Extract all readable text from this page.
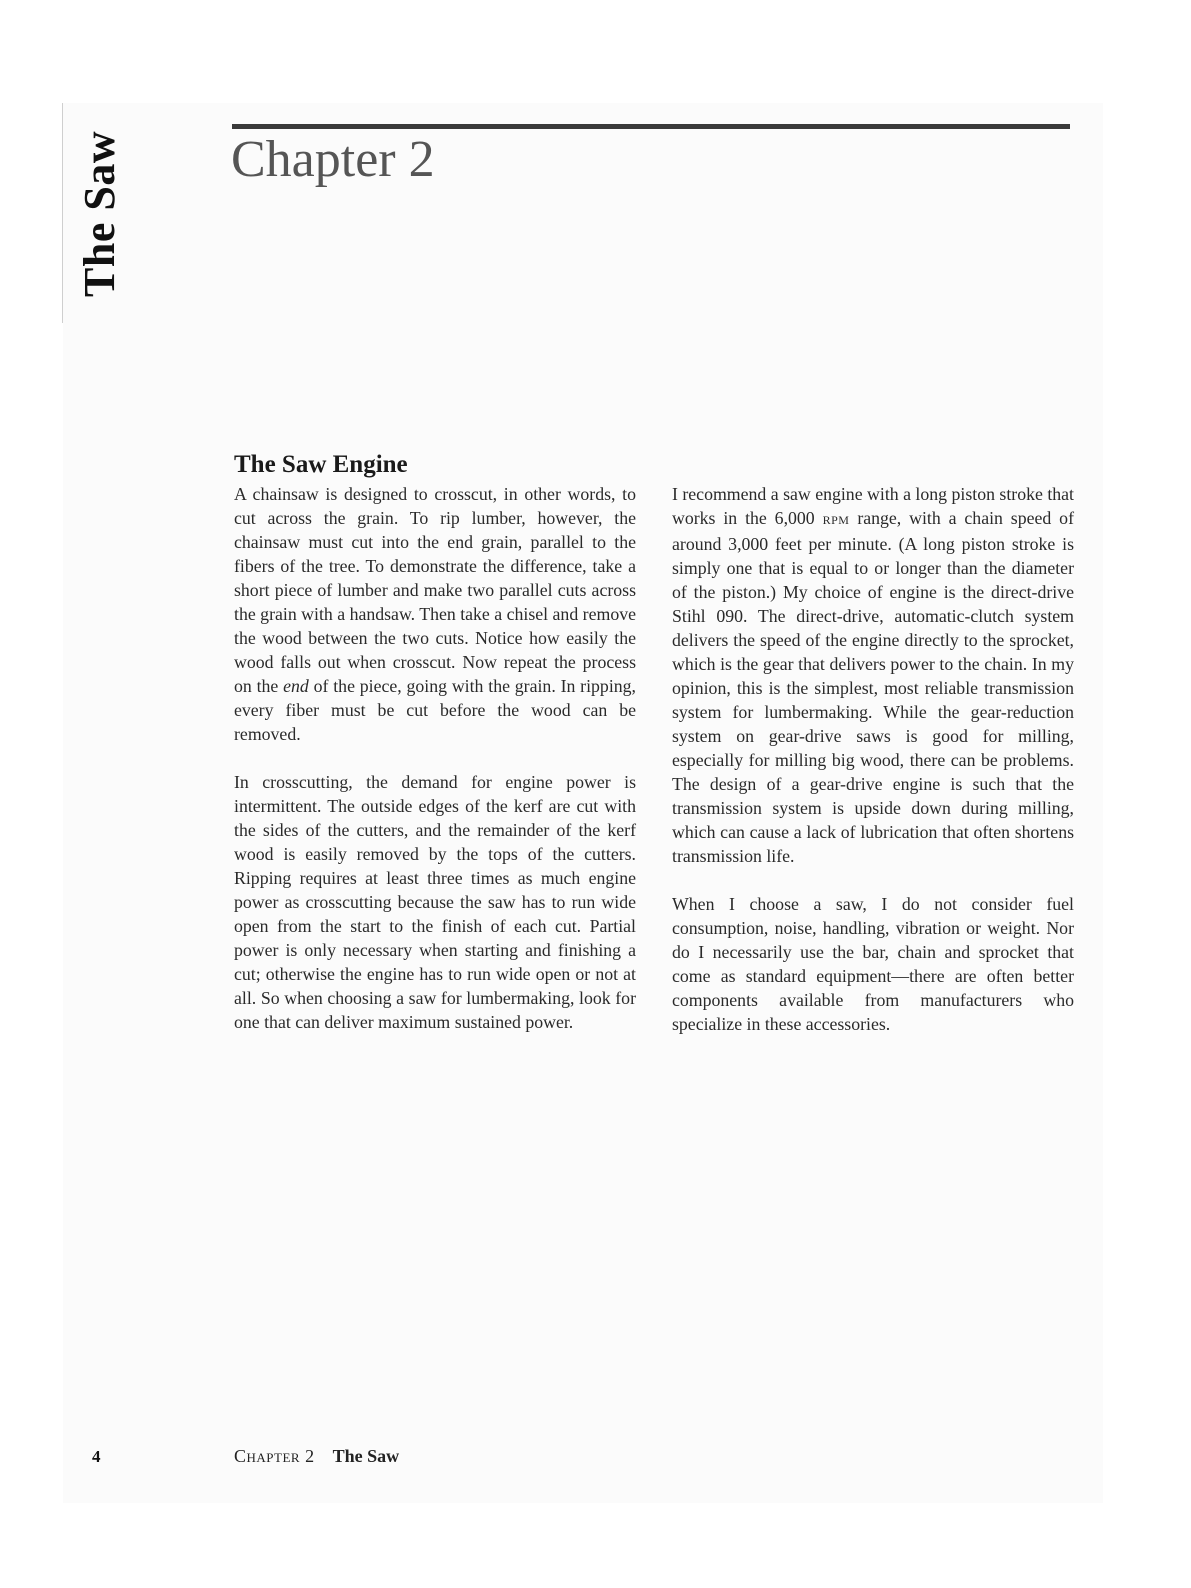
The Saw Chapter 2
The Saw Engine

A chainsaw is designed to crosscut, in other words, to cut across the grain. To rip lumber, however, the chainsaw must cut into the end grain, parallel to the fibers of the tree. To demonstrate the difference, take a short piece of lumber and make two parallel cuts across the grain with a handsaw. Then take a chisel and remove the wood between the two cuts. Notice how easily the wood falls out when crosscut. Now repeat the process on the end of the piece, going with the grain. In ripping, every fiber must be cut before the wood can be removed.

In crosscutting, the demand for engine power is intermittent. The outside edges of the kerf are cut with the sides of the cutters, and the remainder of the kerf wood is easily removed by the tops of the cutters. Ripping requires at least three times as much engine power as crosscutting because the saw has to run wide open from the start to the finish of each cut. Partial power is only necessary when starting and finishing a cut; otherwise the engine has to run wide open or not at all. So when choosing a saw for lumbermaking, look for one that can deliver maximum sustained power.

I recommend a saw engine with a long piston stroke that works in the 6,000 RPM range, with a chain speed of around 3,000 feet per minute. (A long piston stroke is simply one that is equal to or longer than the diameter of the piston.) My choice of engine is the direct-drive Stihl 090. The direct-drive, automatic-clutch system delivers the speed of the engine directly to the sprocket, which is the gear that delivers power to the chain. In my opinion, this is the simplest, most reliable transmission system for lumbermaking. While the gear-reduction system on gear-drive saws is good for milling, especially for milling big wood, there can be problems. The design of a gear-drive engine is such that the transmission system is upside down during milling, which can cause a lack of lubrication that often shortens transmission life.

When I choose a saw, I do not consider fuel consumption, noise, handling, vibration or weight. Nor do I necessarily use the bar, chain and sprocket that come as standard equipment—there are often better components available from manufacturers who specialize in these accessories.

4	Chapter 2 The Saw
